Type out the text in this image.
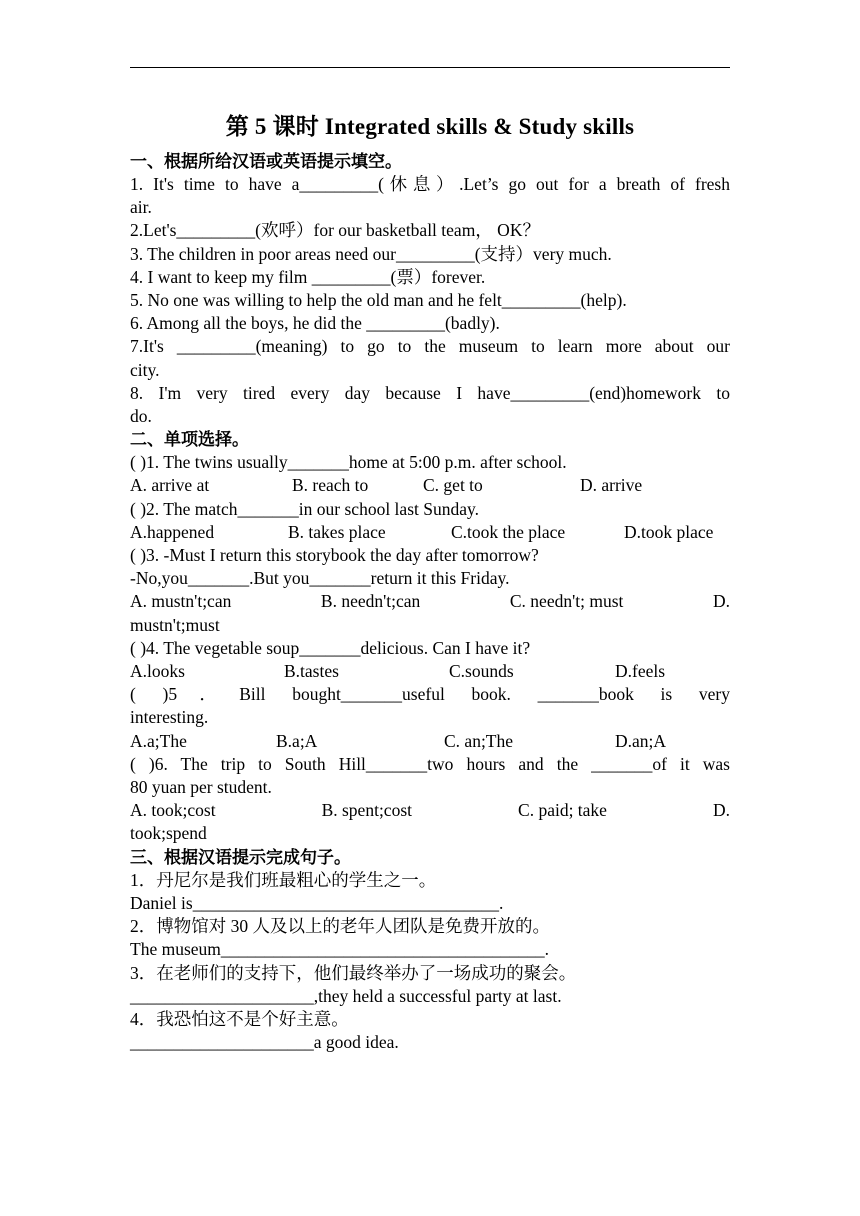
第 5 课时 Integrated skills & Study skills
一、根据所给汉语或英语提示填空。
1. It's time to have a_________(休息）.Let’s go out for a breath of fresh
air.
2.Let's_________(欢呼）for our basketball team， OK？
3. The children in poor areas need our_________(支持）very much.
4. I want to keep my film _________(票）forever.
5. No one was willing to help the old man and he felt_________(help).
6. Among all the boys, he did the _________(badly).
7.It's _________(meaning) to go to the museum to learn more about our
city.
8. I'm very tired every day because I have_________(end)homework to
do.
二、单项选择。
( )1. The twins usually_______home at 5:00 p.m. after school.
A. arrive at	B. reach to	C. get to	D. arrive
( )2. The match_______in our school last Sunday.
A.happened	B. takes place	C.took the place	D.took place
( )3. -Must I return this storybook the day after tomorrow?
-No,you_______.But you_______return it this Friday.
A. mustn't;can	B. needn't;can	C. needn't; must	D.
mustn't;must
( )4. The vegetable soup_______delicious. Can I have it?
A.looks	B.tastes	C.sounds	D.feels
( )5．Bill bought_______useful book. _______book is very
interesting.
A.a;The	B.a;A	C. an;The	D.an;A
( )6. The trip to South Hill_______two hours and the _______of it was
80 yuan per student.
A. took;cost	B. spent;cost	C. paid; take	D.
took;spend
三、根据汉语提示完成句子。
1．丹尼尔是我们班最粗心的学生之一。
Daniel is___________________________________.
2．博物馆对 30 人及以上的老年人团队是免费开放的。
The museum_____________________________________.
3．在老师们的支持下，他们最终举办了一场成功的聚会。
_____________________,they held a successful party at last.
4．我恐怕这不是个好主意。
_____________________a good idea.
